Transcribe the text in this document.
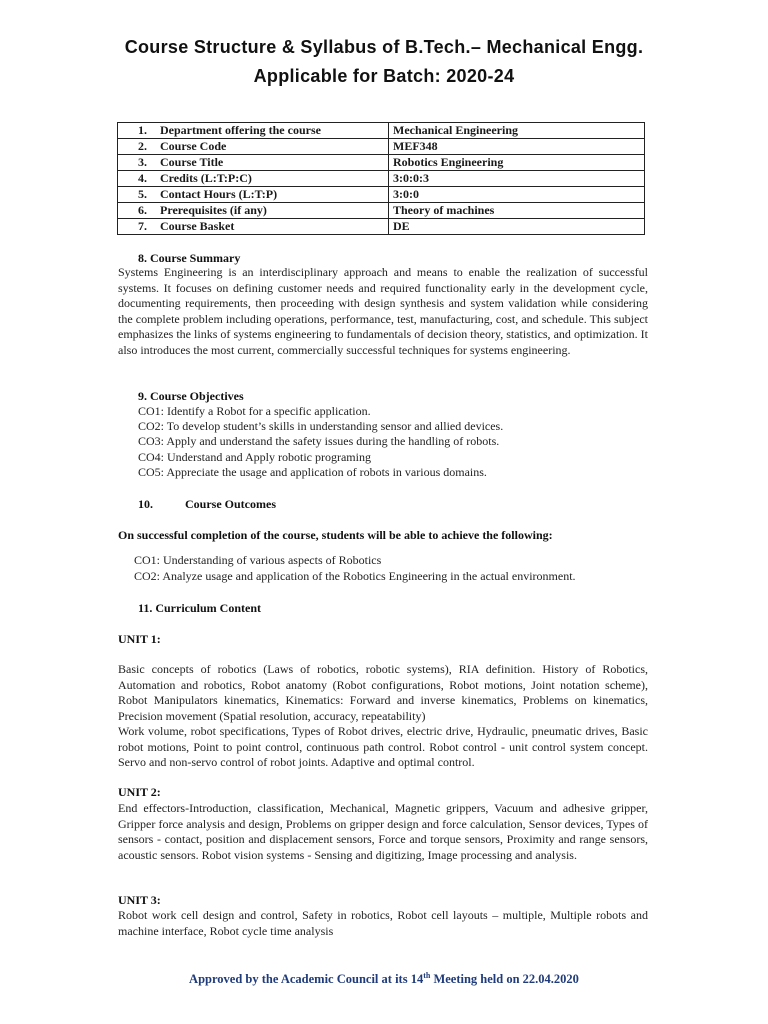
Course Structure & Syllabus of B.Tech.– Mechanical Engg.
Applicable for Batch: 2020-24
1. Department offering the course	Mechanical Engineering
2. Course Code	MEF348
3. Course Title	Robotics Engineering
4. Credits (L:T:P:C)	3:0:0:3
5. Contact Hours (L:T:P)	3:0:0
6. Prerequisites (if any)	Theory of machines
7. Course Basket	DE
8. Course Summary
Systems Engineering is an interdisciplinary approach and means to enable the realization of successful systems. It focuses on defining customer needs and required functionality early in the development cycle, documenting requirements, then proceeding with design synthesis and system validation while considering the complete problem including operations, performance, test, manufacturing, cost, and schedule. This subject emphasizes the links of systems engineering to fundamentals of decision theory, statistics, and optimization. It also introduces the most current, commercially successful techniques for systems engineering.
9. Course Objectives
CO1: Identify a Robot for a specific application.
CO2: To develop student’s skills in understanding sensor and allied devices.
CO3: Apply and understand the safety issues during the handling of robots.
CO4: Understand and Apply robotic programing
CO5: Appreciate the usage and application of robots in various domains.
10.	Course Outcomes
On successful completion of the course, students will be able to achieve the following:
CO1: Understanding of various aspects of Robotics
CO2: Analyze usage and application of the Robotics Engineering in the actual environment.
11. Curriculum Content
UNIT 1:
Basic concepts of robotics (Laws of robotics, robotic systems), RIA definition. History of Robotics, Automation and robotics, Robot anatomy (Robot configurations, Robot motions, Joint notation scheme), Robot Manipulators kinematics, Kinematics: Forward and inverse kinematics, Problems on kinematics, Precision movement (Spatial resolution, accuracy, repeatability)
Work volume, robot specifications, Types of Robot drives, electric drive, Hydraulic, pneumatic drives, Basic robot motions, Point to point control, continuous path control. Robot control - unit control system concept. Servo and non-servo control of robot joints. Adaptive and optimal control.
UNIT 2:
End effectors-Introduction, classification, Mechanical, Magnetic grippers, Vacuum and adhesive gripper, Gripper force analysis and design, Problems on gripper design and force calculation, Sensor devices, Types of sensors - contact, position and displacement sensors, Force and torque sensors, Proximity and range sensors, acoustic sensors. Robot vision systems - Sensing and digitizing, Image processing and analysis.
UNIT 3:
Robot work cell design and control, Safety in robotics, Robot cell layouts – multiple, Multiple robots and machine interface, Robot cycle time analysis
Approved by the Academic Council at its 14th Meeting held on 22.04.2020
